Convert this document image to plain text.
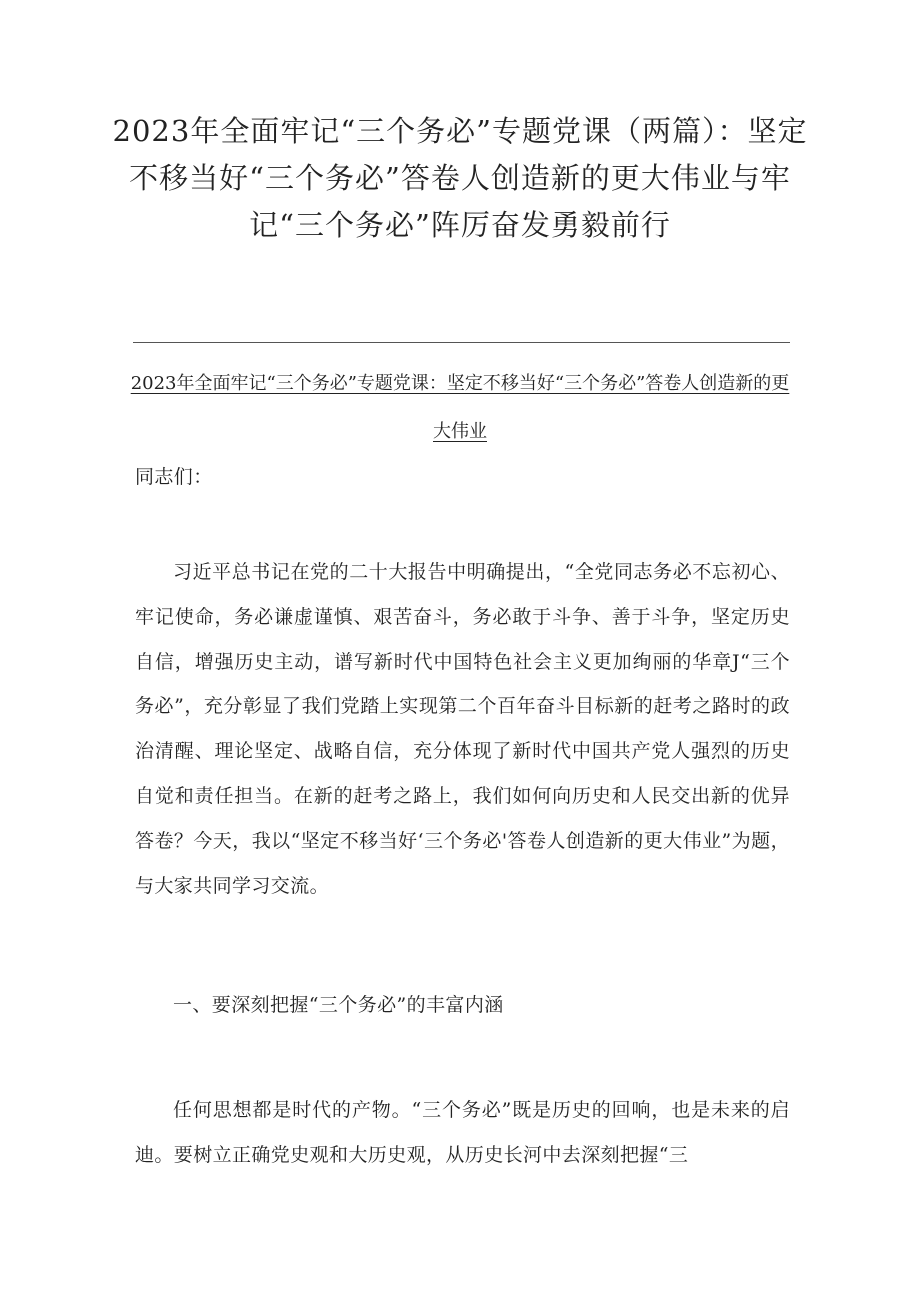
2023年全面牢记“三个务必”专题党课（两篇）：坚定不移当好“三个务必”答卷人创造新的更大伟业与牢记“三个务必”阵厉奋发勇毅前行
2023年全面牢记“三个务必”专题党课：坚定不移当好“三个务必”答卷人创造新的更大伟业
同志们：
习近平总书记在党的二十大报告中明确提出，“全党同志务必不忘初心、牢记使命，务必谦虚谨慎、艰苦奋斗，务必敢于斗争、善于斗争，坚定历史自信，增强历史主动，谱写新时代中国特色社会主义更加绚丽的华章J“三个务必”，充分彰显了我们党踏上实现第二个百年奋斗目标新的赶考之路时的政治清醒、理论坚定、战略自信，充分体现了新时代中国共产党人强烈的历史自觉和责任担当。在新的赶考之路上，我们如何向历史和人民交出新的优异答卷？今天，我以“坚定不移当好‘三个务必'答卷人创造新的更大伟业”为题，与大家共同学习交流。
一、要深刻把握“三个务必”的丰富内涵
任何思想都是时代的产物。“三个务必”既是历史的回响，也是未来的启迪。要树立正确党史观和大历史观，从历史长河中去深刻把握“三
